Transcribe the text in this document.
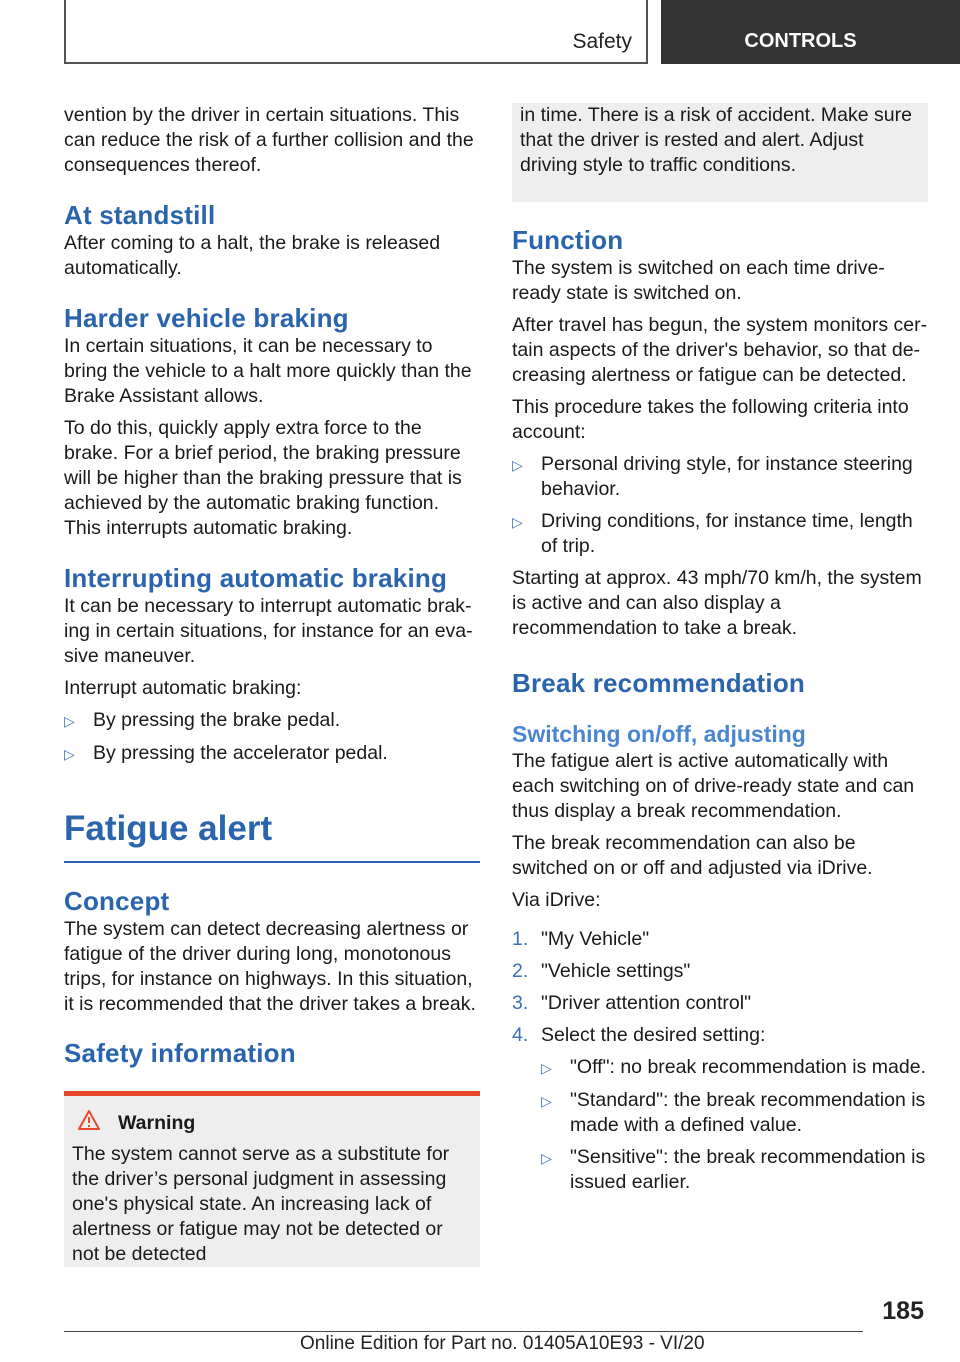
Safety	CONTROLS

vention by the driver in certain situations. This can reduce the risk of a further collision and the consequences thereof.

At standstill

After coming to a halt, the brake is released automatically.

Harder vehicle braking

In certain situations, it can be necessary to bring the vehicle to a halt more quickly than the Brake Assistant allows.

To do this, quickly apply extra force to the brake. For a brief period, the braking pressure will be higher than the braking pressure that is achieved by the automatic braking function. This interrupts automatic braking.

Interrupting automatic braking

It can be necessary to interrupt automatic braking in certain situations, for instance for an evasive maneuver.

Interrupt automatic braking:

▷ By pressing the brake pedal.
▷ By pressing the accelerator pedal.
Fatigue alert
Concept

The system can detect decreasing alertness or fatigue of the driver during long, monotonous trips, for instance on highways. In this situation, it is recommended that the driver takes a break.

Safety information
Warning

The system cannot serve as a substitute for the driver’s personal judgment in assessing one's physical state. An increasing lack of alertness or fatigue may not be detected or not be detected

in time. There is a risk of accident. Make sure that the driver is rested and alert. Adjust driving style to traffic conditions.

Function

The system is switched on each time drive-ready state is switched on.

After travel has begun, the system monitors certain aspects of the driver's behavior, so that decreasing alertness or fatigue can be detected.

This procedure takes the following criteria into account:

▷ Personal driving style, for instance steering behavior.
▷ Driving conditions, for instance time, length of trip.

Starting at approx. 43 mph/70 km/h, the system is active and can also display a recommendation to take a break.

Break recommendation
Switching on/off, adjusting

The fatigue alert is active automatically with each switching on of drive-ready state and can thus display a break recommendation.

The break recommendation can also be switched on or off and adjusted via iDrive.

Via iDrive:

1. "My Vehicle"
2. "Vehicle settings"
3. "Driver attention control"
4. Select the desired setting:
▷ "Off": no break recommendation is made.
▷ "Standard": the break recommendation is made with a defined value.
▷ "Sensitive": the break recommendation is issued earlier.
185
Online Edition for Part no. 01405A10E93 - VI/20
